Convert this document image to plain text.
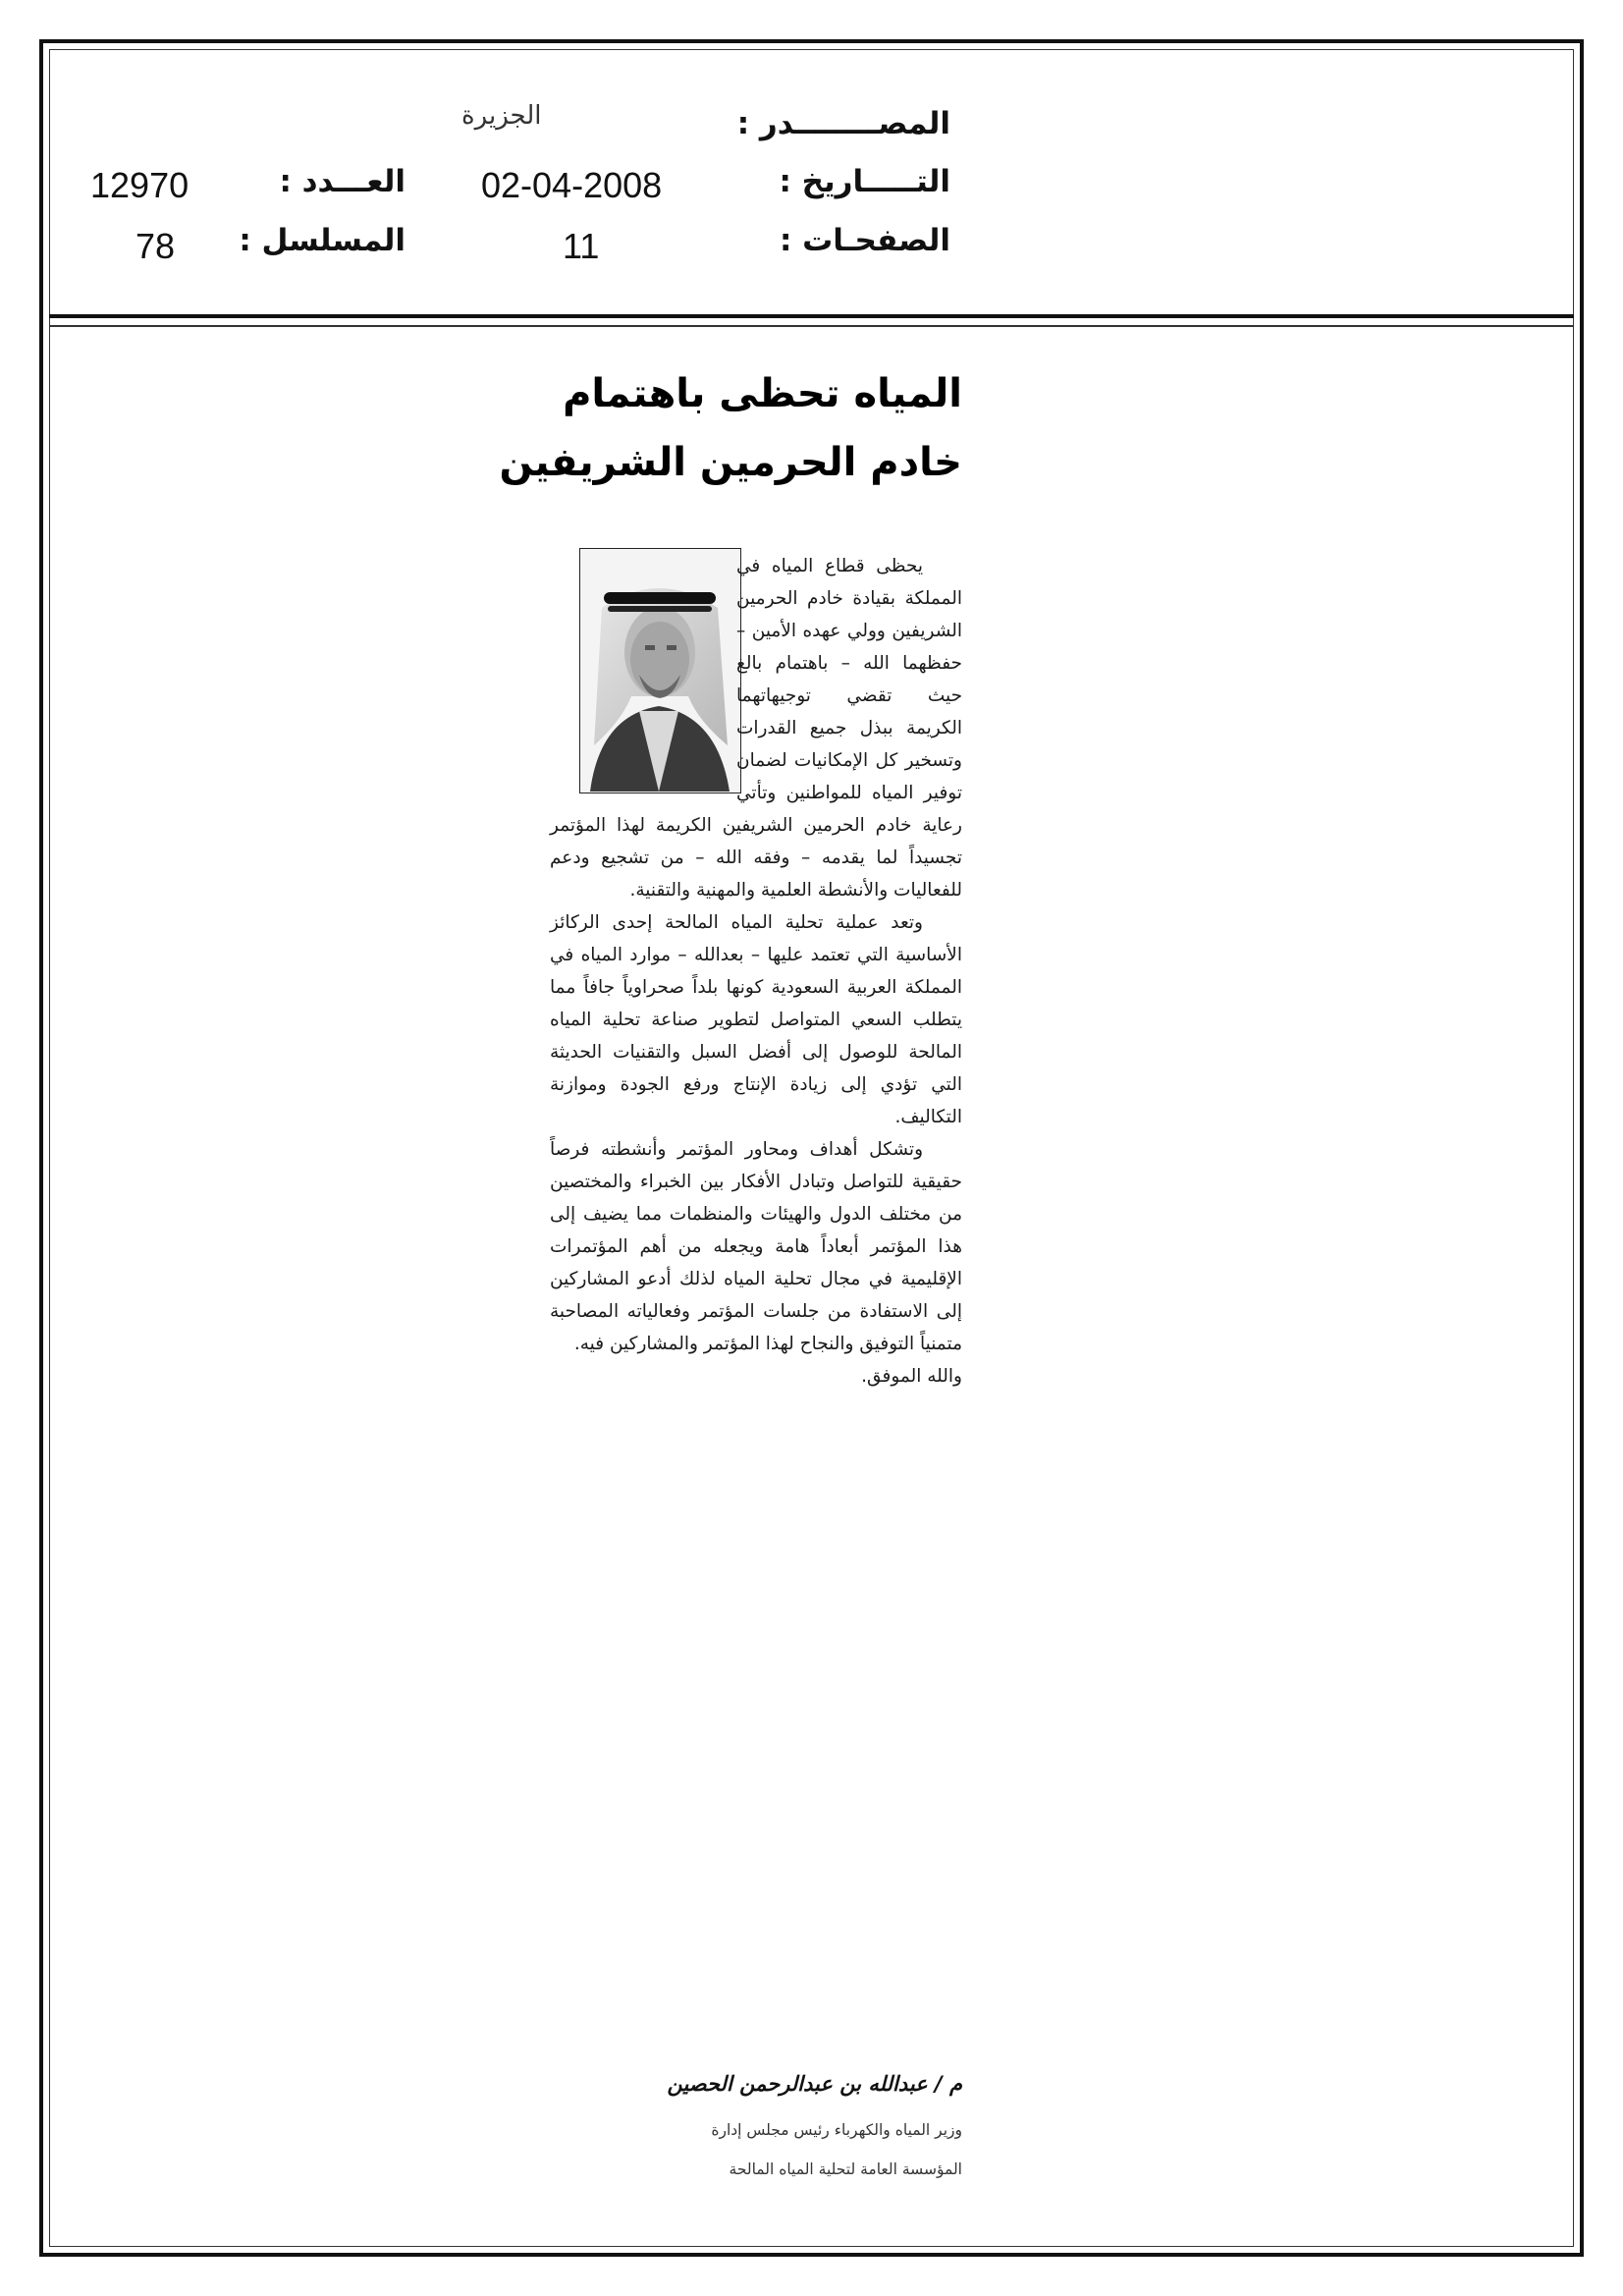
المصــــــــدر :
التـــــاريخ :
الصفحـات :
الجزيرة
02-04-2008
11
العـــدد :
المسلسل :
12970
78
المياه تحظى باهتمام
خادم الحرمين الشريفين

يحظى قطاع المياه في المملكة بقيادة خادم الحرمين الشريفين وولي عهده الأمين – حفظهما الله – باهتمام بالغ حيث تقضي توجيهاتهما الكريمة ببذل جميع القدرات وتسخير كل الإمكانيات لضمان توفير المياه للمواطنين وتأتي رعاية خادم الحرمين الشريفين الكريمة لهذا المؤتمر تجسيداً لما يقدمه – وفقه الله – من تشجيع ودعم للفعاليات والأنشطة العلمية والمهنية والتقنية.

وتعد عملية تحلية المياه المالحة إحدى الركائز الأساسية التي تعتمد عليها – بعدالله – موارد المياه في المملكة العربية السعودية كونها بلداً صحراوياً جافاً مما يتطلب السعي المتواصل لتطوير صناعة تحلية المياه المالحة للوصول إلى أفضل السبل والتقنيات الحديثة التي تؤدي إلى زيادة الإنتاج ورفع الجودة وموازنة التكاليف.

وتشكل أهداف ومحاور المؤتمر وأنشطته فرصاً حقيقية للتواصل وتبادل الأفكار بين الخبراء والمختصين من مختلف الدول والهيئات والمنظمات مما يضيف إلى هذا المؤتمر أبعاداً هامة ويجعله من أهم المؤتمرات الإقليمية في مجال تحلية المياه لذلك أدعو المشاركين إلى الاستفادة من جلسات المؤتمر وفعالياته المصاحبة متمنياً التوفيق والنجاح لهذا المؤتمر والمشاركين فيه.

والله الموفق.

م / عبدالله بن عبدالرحمن الحصين
وزير المياه والكهرباء رئيس مجلس إدارة
المؤسسة العامة لتحلية المياه المالحة
